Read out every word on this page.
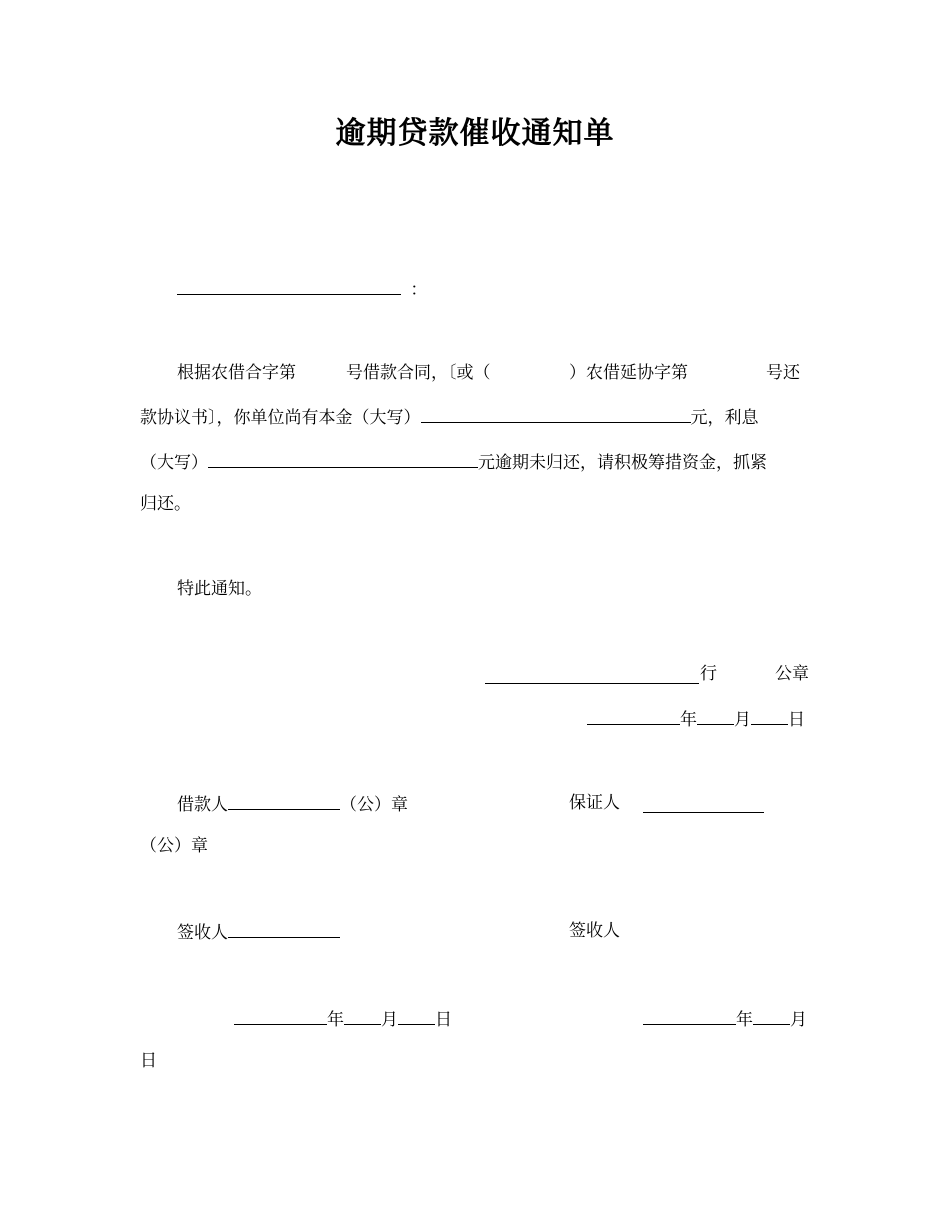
逾期贷款催收通知单
：
根据农借合字第	号借款合同，〔或（	）农借延协字第	号还
款协议书〕，你单位尚有本金（大写）	元，利息
（大写）	元逾期未归还，请积极筹措资金，抓紧
归还。
特此通知。
行	公章
年 月 日
借款人	（公）章	保证人
（公）章
签收人	签收人
年 月 日	年 月
日
